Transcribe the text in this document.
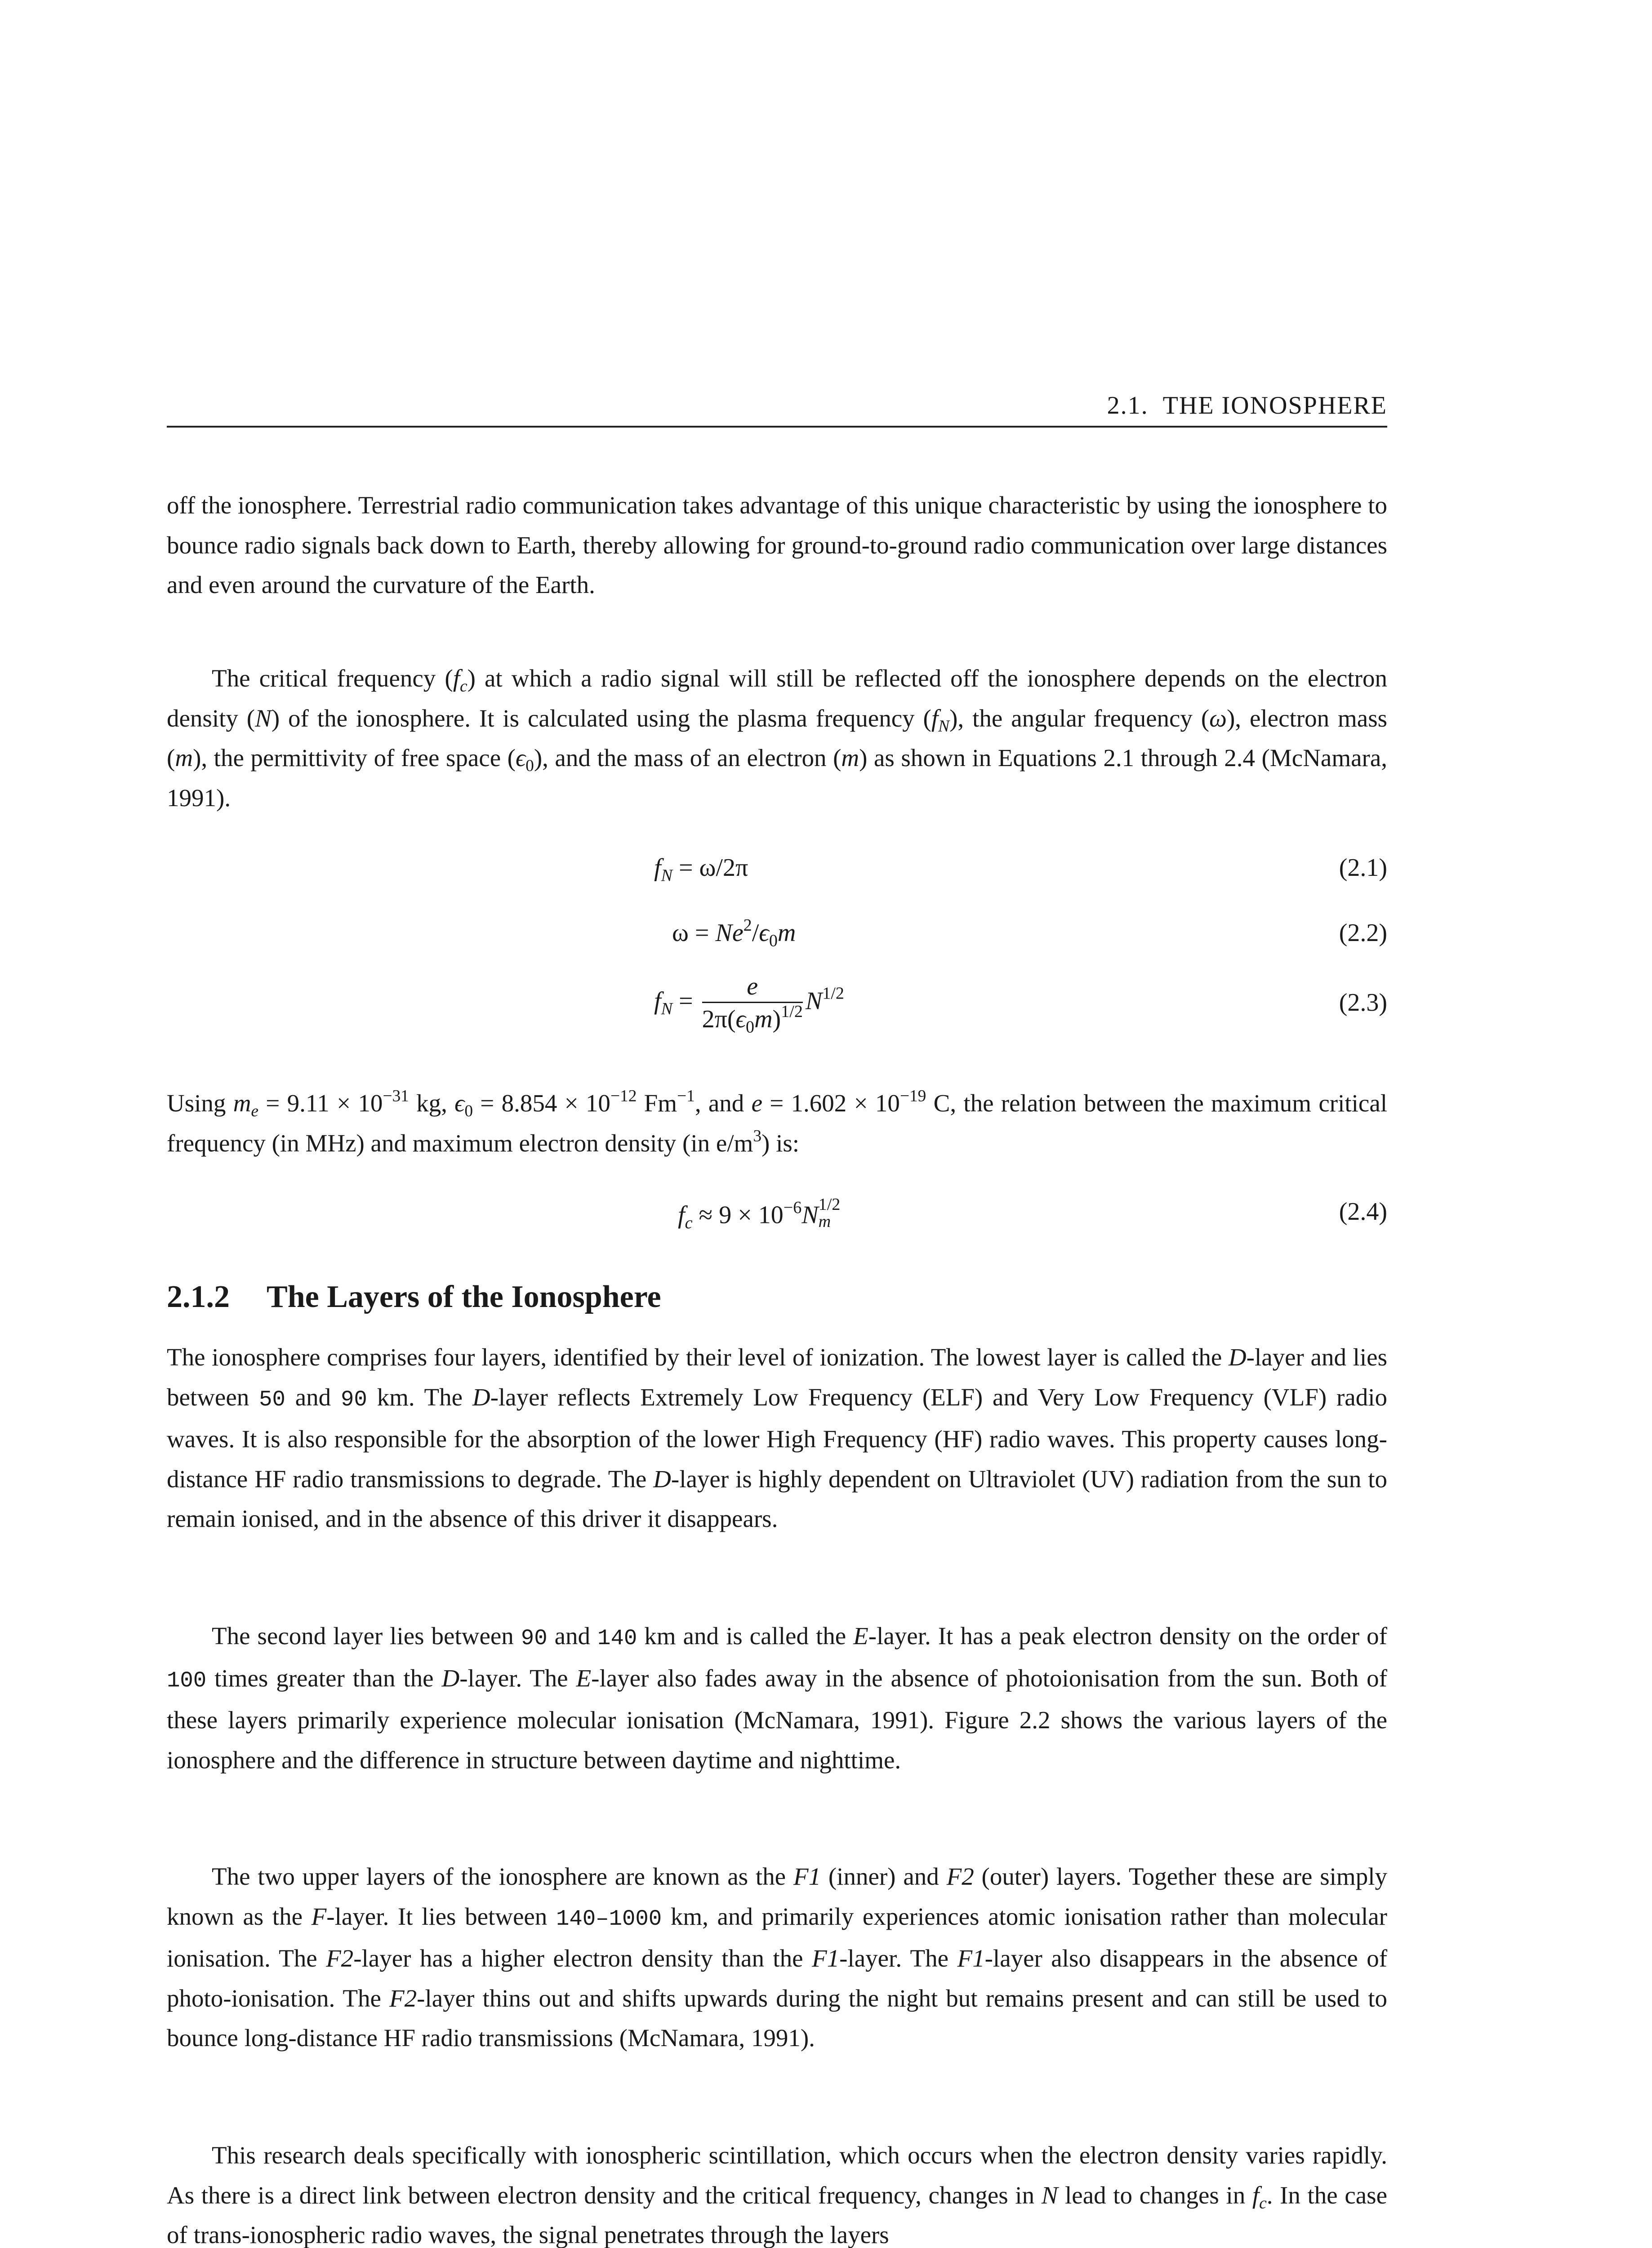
2.1. THE IONOSPHERE

off the ionosphere. Terrestrial radio communication takes advantage of this unique characteristic by using the ionosphere to bounce radio signals back down to Earth, thereby allowing for ground-to-ground radio communication over large distances and even around the curvature of the Earth.

The critical frequency $(f_c)$ at which a radio signal will still be reflected off the ionosphere depends on the electron density (N) of the ionosphere. It is calculated using the plasma frequency $(f_N)$, the angular frequency (ω), electron mass (m), the permittivity of free space $(\epsilon_0)$, and the mass of an electron (m) as shown in Equations 2.1 through 2.4 (McNamara, 1991).

$f_N = \omega/2\pi$	(2.1)
$\omega = Ne^2/\epsilon_0m$	(2.2)
$f_N = \frac{e}{2\pi(\epsilon_0m)^{1/2}} N^{1/2}$	(2.3)

Using $m_e = 9.11 \times 10^{-31}$ kg, $\epsilon_0 = 8.854 \times 10^{-12}$ $Fm^{-1}$, and $e = 1.602 \times 10^{-19}$ C, the relation between the maximum critical frequency (in MHz) and maximum electron density (in $e/m^3$) is:

$f_c \approx 9 \times 10^{-6}N$ 1/2
m	(2.4)
2.1.2 The Layers of the Ionosphere

The ionosphere comprises four layers, identified by their level of ionization. The lowest layer is called the D-layer and lies between 50 and 90 km. The D-layer reflects Extremely Low Frequency (ELF) and Very Low Frequency (VLF) radio waves. It is also responsible for the absorption of the lower High Frequency (HF) radio waves. This property causes long-distance HF radio transmissions to degrade. The D-layer is highly dependent on Ultraviolet (UV) radiation from the sun to remain ionised, and in the absence of this driver it disappears.

The second layer lies between 90 and 140 km and is called the E-layer. It has a peak electron density on the order of 100 times greater than the D-layer. The E-layer also fades away in the absence of photoionisation from the sun. Both of these layers primarily experience molecular ionisation (McNamara, 1991). Figure 2.2 shows the various layers of the ionosphere and the difference in structure between daytime and nighttime.

The two upper layers of the ionosphere are known as the F1 (inner) and F2 (outer) layers. Together these are simply known as the F-layer. It lies between 140–1000 km, and primarily experiences atomic ionisation rather than molecular ionisation. The F2-layer has a higher electron density than the F1-layer. The F1-layer also disappears in the absence of photo-ionisation. The F2-layer thins out and shifts upwards during the night but remains present and can still be used to bounce long-distance HF radio transmissions (McNamara, 1991).

This research deals specifically with ionospheric scintillation, which occurs when the electron density varies rapidly. As there is a direct link between electron density and the critical frequency, changes in N lead to changes in $f_c$. In the case of trans-ionospheric radio waves, the signal penetrates through the layers
